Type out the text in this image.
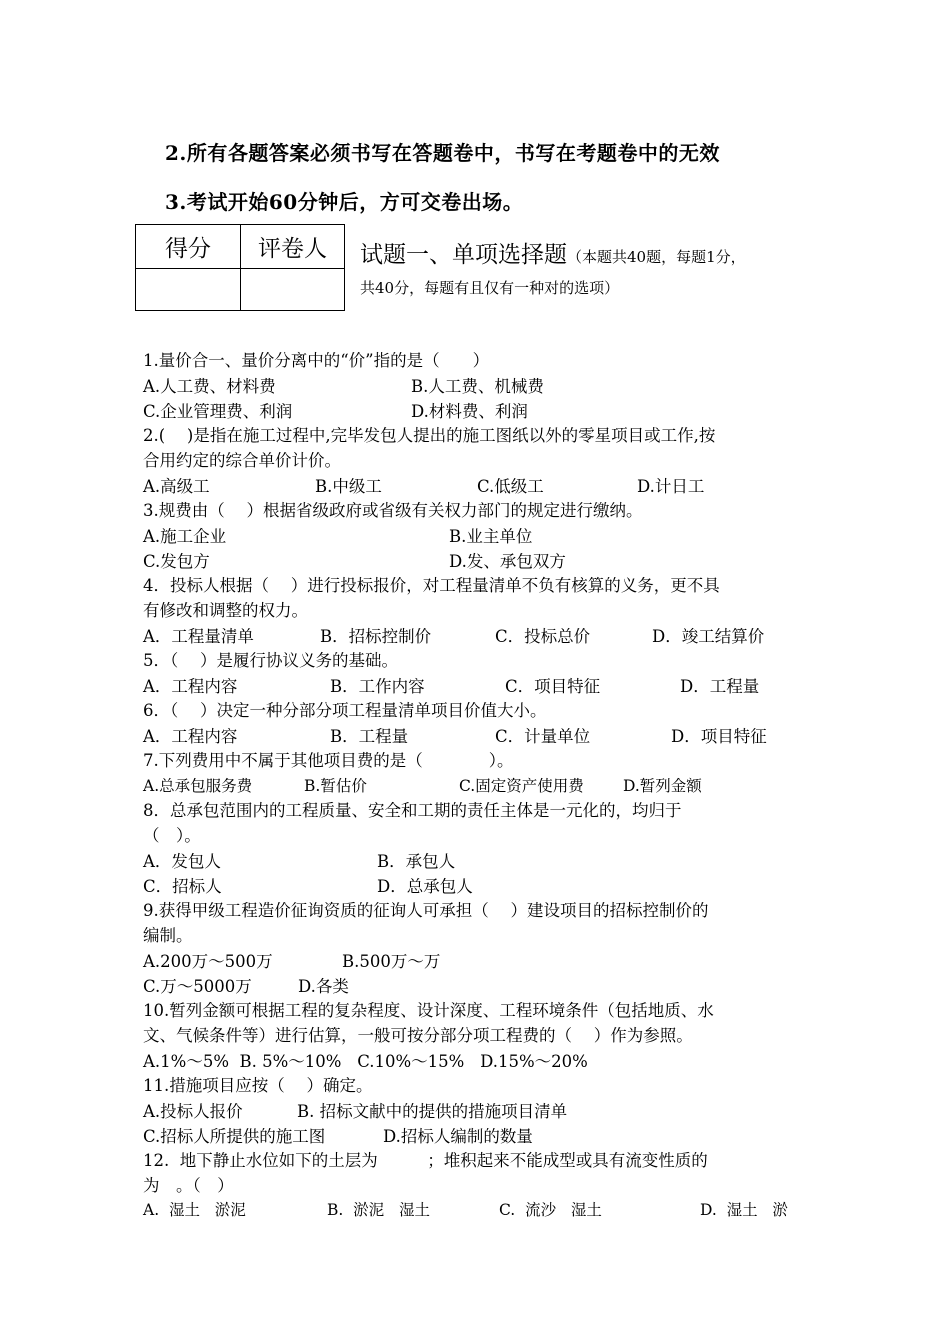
2.所有各题答案必须书写在答题卷中，书写在考题卷中的无效
3.考试开始60分钟后，方可交卷出场。
得分	评卷人
	试题一、单项选择题（本题共40题，每题1分，
共40分，每题有且仅有一种对的选项）
1.量价合一、量价分离中的“价”指的是（　　）
A.人工费、材料费	B.人工费、机械费
C.企业管理费、利润	D.材料费、利润
2.(　 )是指在施工过程中,完毕发包人提出的施工图纸以外的零星项目或工作,按
合用约定的综合单价计价。
A.高级工	B.中级工	C.低级工	D.计日工
3.规费由（　 ）根据省级政府或省级有关权力部门的规定进行缴纳。
A.施工企业	B.业主单位
C.发包方	D.发、承包双方
4．投标人根据（　 ）进行投标报价，对工程量清单不负有核算的义务，更不具
有修改和调整的权力。
A．工程量清单	B．招标控制价	C．投标总价	D．竣工结算价
5．（　 ）是履行协议义务的基础。
A．工程内容	B．工作内容	C．项目特征	D．工程量
6．（　 ）决定一种分部分项工程量清单项目价值大小。
A．工程内容	B．工程量	C．计量单位	D．项目特征
7.下列费用中不属于其他项目费的是（　　　　）。
A.总承包服务费	B.暂估价	C.固定资产使用费	D.暂列金额
8．总承包范围内的工程质量、安全和工期的责任主体是一元化的，均归于
（　）。
A．发包人	B．承包人
C．招标人	D．总承包人
9.获得甲级工程造价征询资质的征询人可承担（　 ）建设项目的招标控制价的
编制。
A.200万～500万	B.500万～万
C.万～5000万	D.各类
10.暂列金额可根据工程的复杂程度、设计深度、工程环境条件（包括地质、水
文、气候条件等）进行估算，一般可按分部分项工程费的（　 ）作为参照。
A.1%～5%  B. 5%～10%   C.10%～15%   D.15%～20%
11.措施项目应按（　 ）确定。
A.投标人报价	B. 招标文献中的提供的措施项目清单
C.招标人所提供的施工图	D.招标人编制的数量
12.  地下静止水位如下的土层为　　　；堆积起来不能成型或具有流变性质的
为　。（　）
A.  湿土   淤泥	B.  淤泥   湿土	C.  流沙   湿土	D.  湿土   淤
